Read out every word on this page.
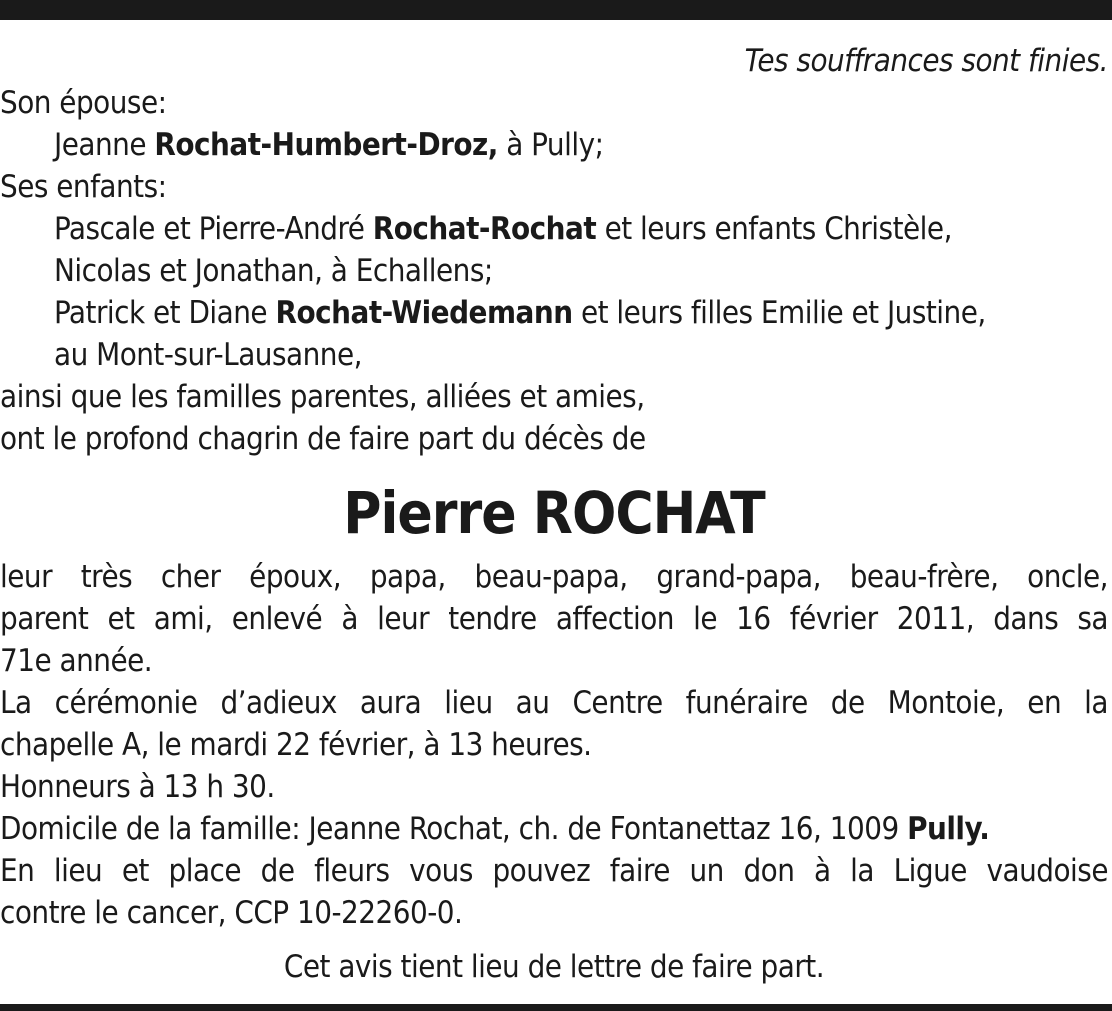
Tes souffrances sont finies.
Son épouse:
Jeanne Rochat-Humbert-Droz, à Pully;
Ses enfants:
Pascale et Pierre-André Rochat-Rochat et leurs enfants Christèle,
Nicolas et Jonathan, à Echallens;
Patrick et Diane Rochat-Wiedemann et leurs filles Emilie et Justine,
au Mont-sur-Lausanne,
ainsi que les familles parentes, alliées et amies,
ont le profond chagrin de faire part du décès de
Pierre ROCHAT
leur très cher époux, papa, beau-papa, grand-papa, beau-frère, oncle,
parent et ami, enlevé à leur tendre affection le 16 février 2011, dans sa
71e année.
La cérémonie d’adieux aura lieu au Centre funéraire de Montoie, en la
chapelle A, le mardi 22 février, à 13 heures.
Honneurs à 13 h 30.
Domicile de la famille: Jeanne Rochat, ch. de Fontanettaz 16, 1009 Pully.
En lieu et place de fleurs vous pouvez faire un don à la Ligue vaudoise
contre le cancer, CCP 10-22260-0.
Cet avis tient lieu de lettre de faire part.
